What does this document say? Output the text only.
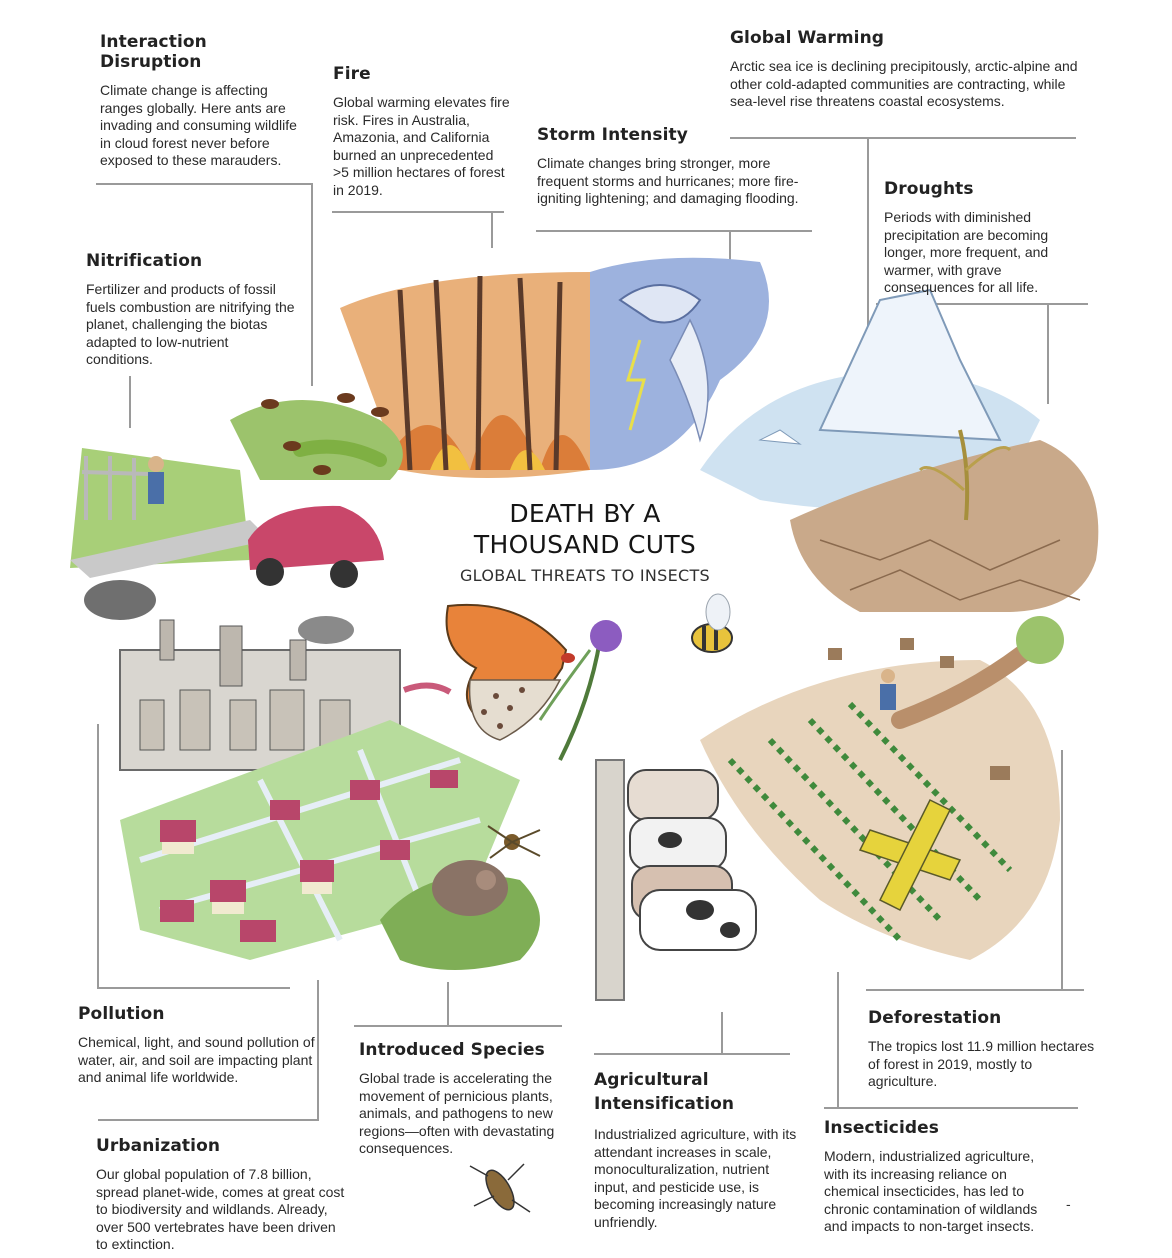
DEATH BY A
THOUSAND CUTS
GLOBAL THREATS TO INSECTS
Interaction Disruption

Climate change is affecting ranges globally. Here ants are invading and consuming wildlife in cloud forest never before exposed to these marauders.

Fire

Global warming elevates fire risk. Fires in Australia, Amazonia, and California burned an unprecedented >5 million hectares of forest in 2019.

Storm Intensity

Climate changes bring stronger, more frequent storms and hurricanes; more fire-igniting lightening; and damaging flooding.

Global Warming

Arctic sea ice is declining precipitously, arctic-alpine and other cold-adapted communities are contracting, while sea-level rise threatens coastal ecosystems.

Droughts

Periods with diminished precipitation are becoming longer, more frequent, and warmer, with grave consequences for all life.

Nitrification

Fertilizer and products of fossil fuels combustion are nitrifying the planet, challenging the biotas adapted to low-nutrient conditions.

Pollution

Chemical, light, and sound pollution of water, air, and soil are impacting plant and animal life worldwide.

Urbanization

Our global population of 7.8 billion, spread planet-wide, comes at great cost to biodiversity and wildlands. Already, over 500 vertebrates have been driven to extinction.

Introduced Species

Global trade is accelerating the movement of pernicious plants, animals, and pathogens to new regions—often with devastating consequences.

Agricultural Intensification

Industrialized agriculture, with its attendant increases in scale, monoculturalization, nutrient input, and pesticide use, is becoming increasingly nature unfriendly.

Deforestation

The tropics lost 11.9 million hectares of forest in 2019, mostly to agriculture.

Insecticides

Modern, industrialized agriculture, with its increasing reliance on chemical insecticides, has led to chronic contamination of wildlands and impacts to non-target insects.

-
